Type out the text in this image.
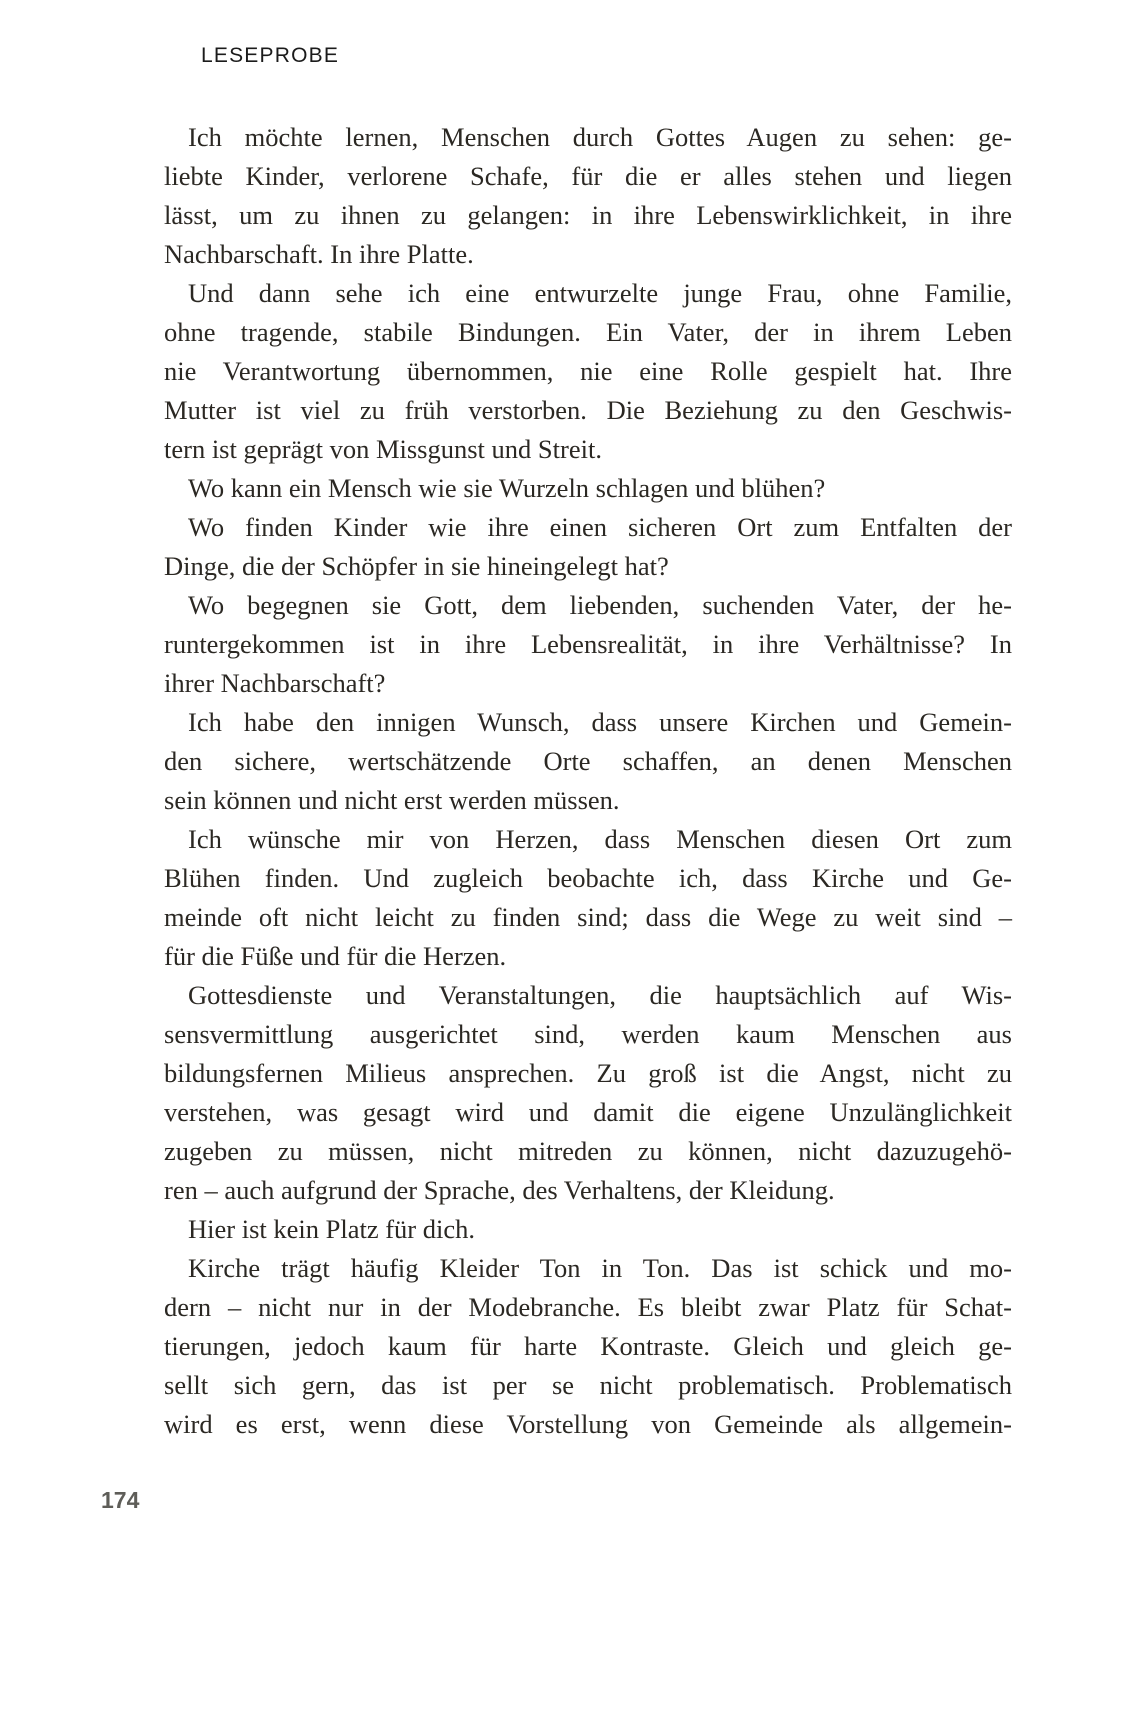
LESEPROBE
Ich möchte lernen, Menschen durch Gottes Augen zu sehen: ge-
liebte Kinder, verlorene Schafe, für die er alles stehen und liegen
lässt, um zu ihnen zu gelangen: in ihre Lebenswirklichkeit, in ihre
Nachbarschaft. In ihre Platte.
Und dann sehe ich eine entwurzelte junge Frau, ohne Familie,
ohne tragende, stabile Bindungen. Ein Vater, der in ihrem Leben
nie Verantwortung übernommen, nie eine Rolle gespielt hat. Ihre
Mutter ist viel zu früh verstorben. Die Beziehung zu den Geschwis-
tern ist geprägt von Missgunst und Streit.
Wo kann ein Mensch wie sie Wurzeln schlagen und blühen?
Wo finden Kinder wie ihre einen sicheren Ort zum Entfalten der
Dinge, die der Schöpfer in sie hineingelegt hat?
Wo begegnen sie Gott, dem liebenden, suchenden Vater, der he-
runtergekommen ist in ihre Lebensrealität, in ihre Verhältnisse? In
ihrer Nachbarschaft?
Ich habe den innigen Wunsch, dass unsere Kirchen und Gemein-
den sichere, wertschätzende Orte schaffen, an denen Menschen
sein können und nicht erst werden müssen.
Ich wünsche mir von Herzen, dass Menschen diesen Ort zum
Blühen finden. Und zugleich beobachte ich, dass Kirche und Ge-
meinde oft nicht leicht zu finden sind; dass die Wege zu weit sind –
für die Füße und für die Herzen.
Gottesdienste und Veranstaltungen, die hauptsächlich auf Wis-
sensvermittlung ausgerichtet sind, werden kaum Menschen aus
bildungsfernen Milieus ansprechen. Zu groß ist die Angst, nicht zu
verstehen, was gesagt wird und damit die eigene Unzulänglichkeit
zugeben zu müssen, nicht mitreden zu können, nicht dazuzugehö-
ren – auch aufgrund der Sprache, des Verhaltens, der Kleidung.
Hier ist kein Platz für dich.
Kirche trägt häufig Kleider Ton in Ton. Das ist schick und mo-
dern – nicht nur in der Modebranche. Es bleibt zwar Platz für Schat-
tierungen, jedoch kaum für harte Kontraste. Gleich und gleich ge-
sellt sich gern, das ist per se nicht problematisch. Problematisch
wird es erst, wenn diese Vorstellung von Gemeinde als allgemein-
174
